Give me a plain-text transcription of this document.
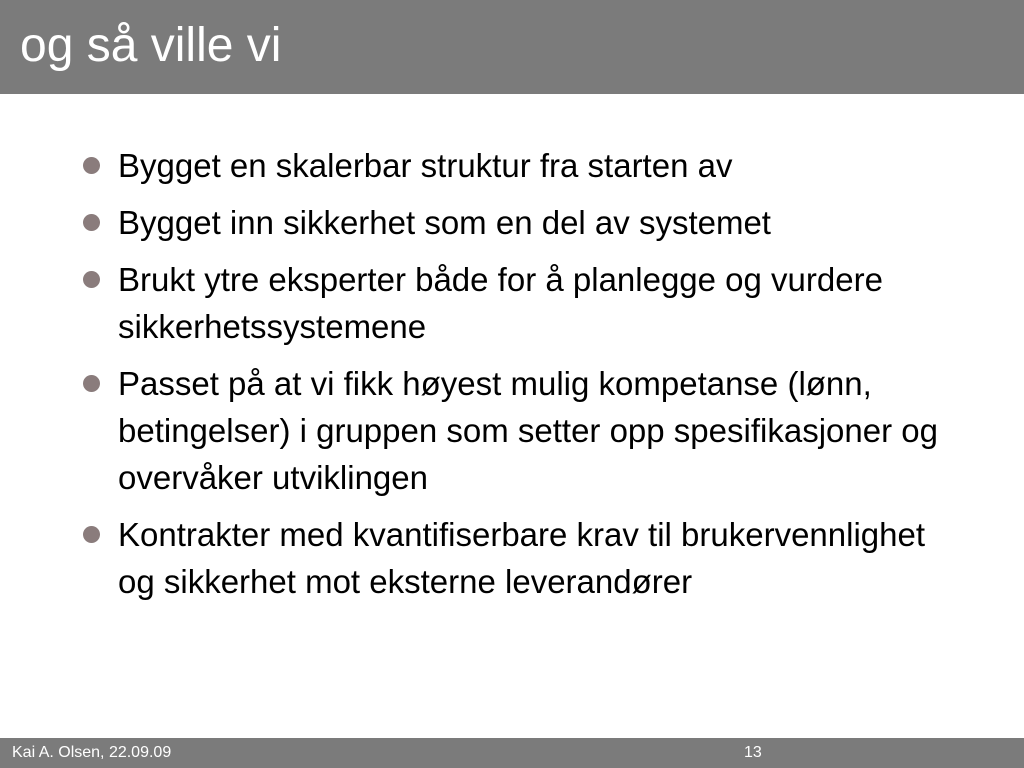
og så ville vi
Bygget en skalerbar struktur fra starten av
Bygget inn sikkerhet som en del av systemet
Brukt ytre eksperter både for å planlegge og vurdere sikkerhetssystemene
Passet på at vi fikk høyest mulig kompetanse (lønn, betingelser) i gruppen som setter opp spesifikasjoner og overvåker utviklingen
Kontrakter med kvantifiserbare krav til brukervennlighet og sikkerhet mot eksterne leverandører
Kai A. Olsen, 22.09.09	13
